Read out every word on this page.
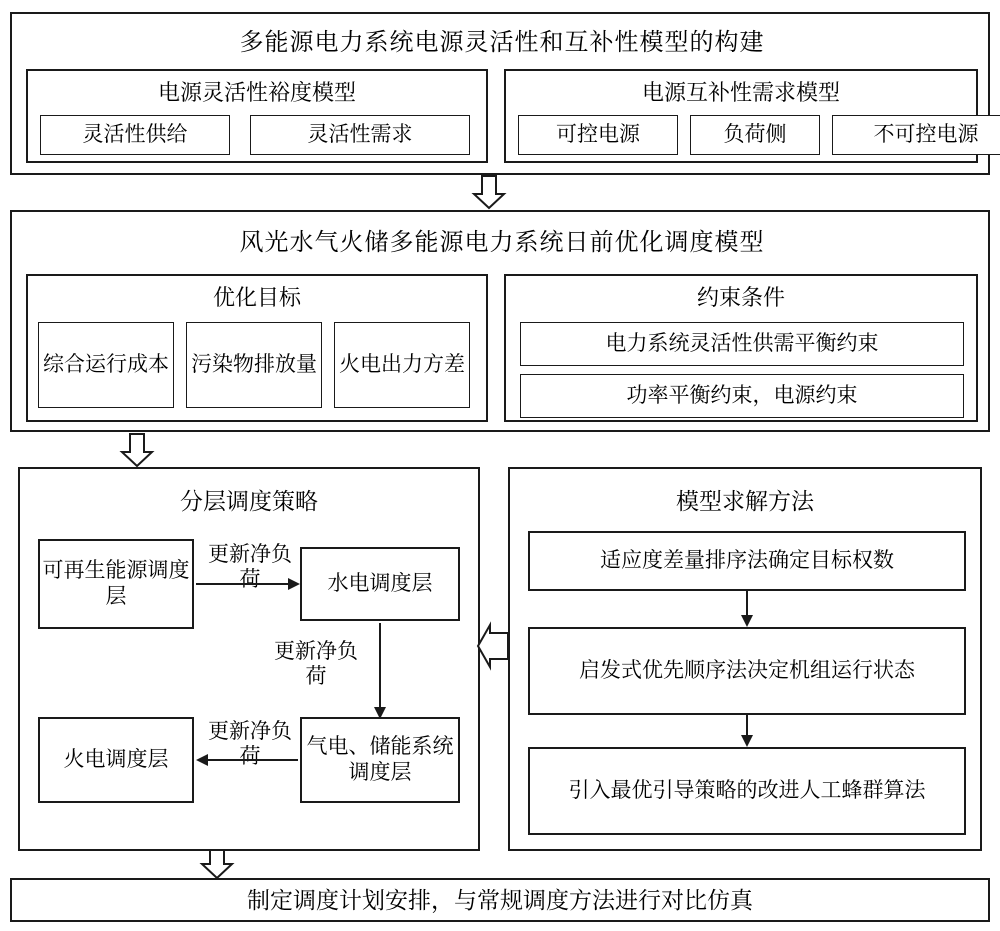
多能源电力系统电源灵活性和互补性模型的构建
电源灵活性裕度模型
灵活性供给	灵活性需求
电源互补性需求模型
可控电源	负荷侧	不可控电源
风光水气火储多能源电力系统日前优化调度模型
优化目标
综合运行成本 污染物排放量 火电出力方差
约束条件
电力系统灵活性供需平衡约束
功率平衡约束，电源约束
分层调度策略
可再生能源调度层
水电调度层
火电调度层
气电、储能系统调度层
更新净负荷
更新净负荷
更新净负荷
模型求解方法
适应度差量排序法确定目标权数
启发式优先顺序法决定机组运行状态
引入最优引导策略的改进人工蜂群算法
制定调度计划安排，与常规调度方法进行对比仿真
